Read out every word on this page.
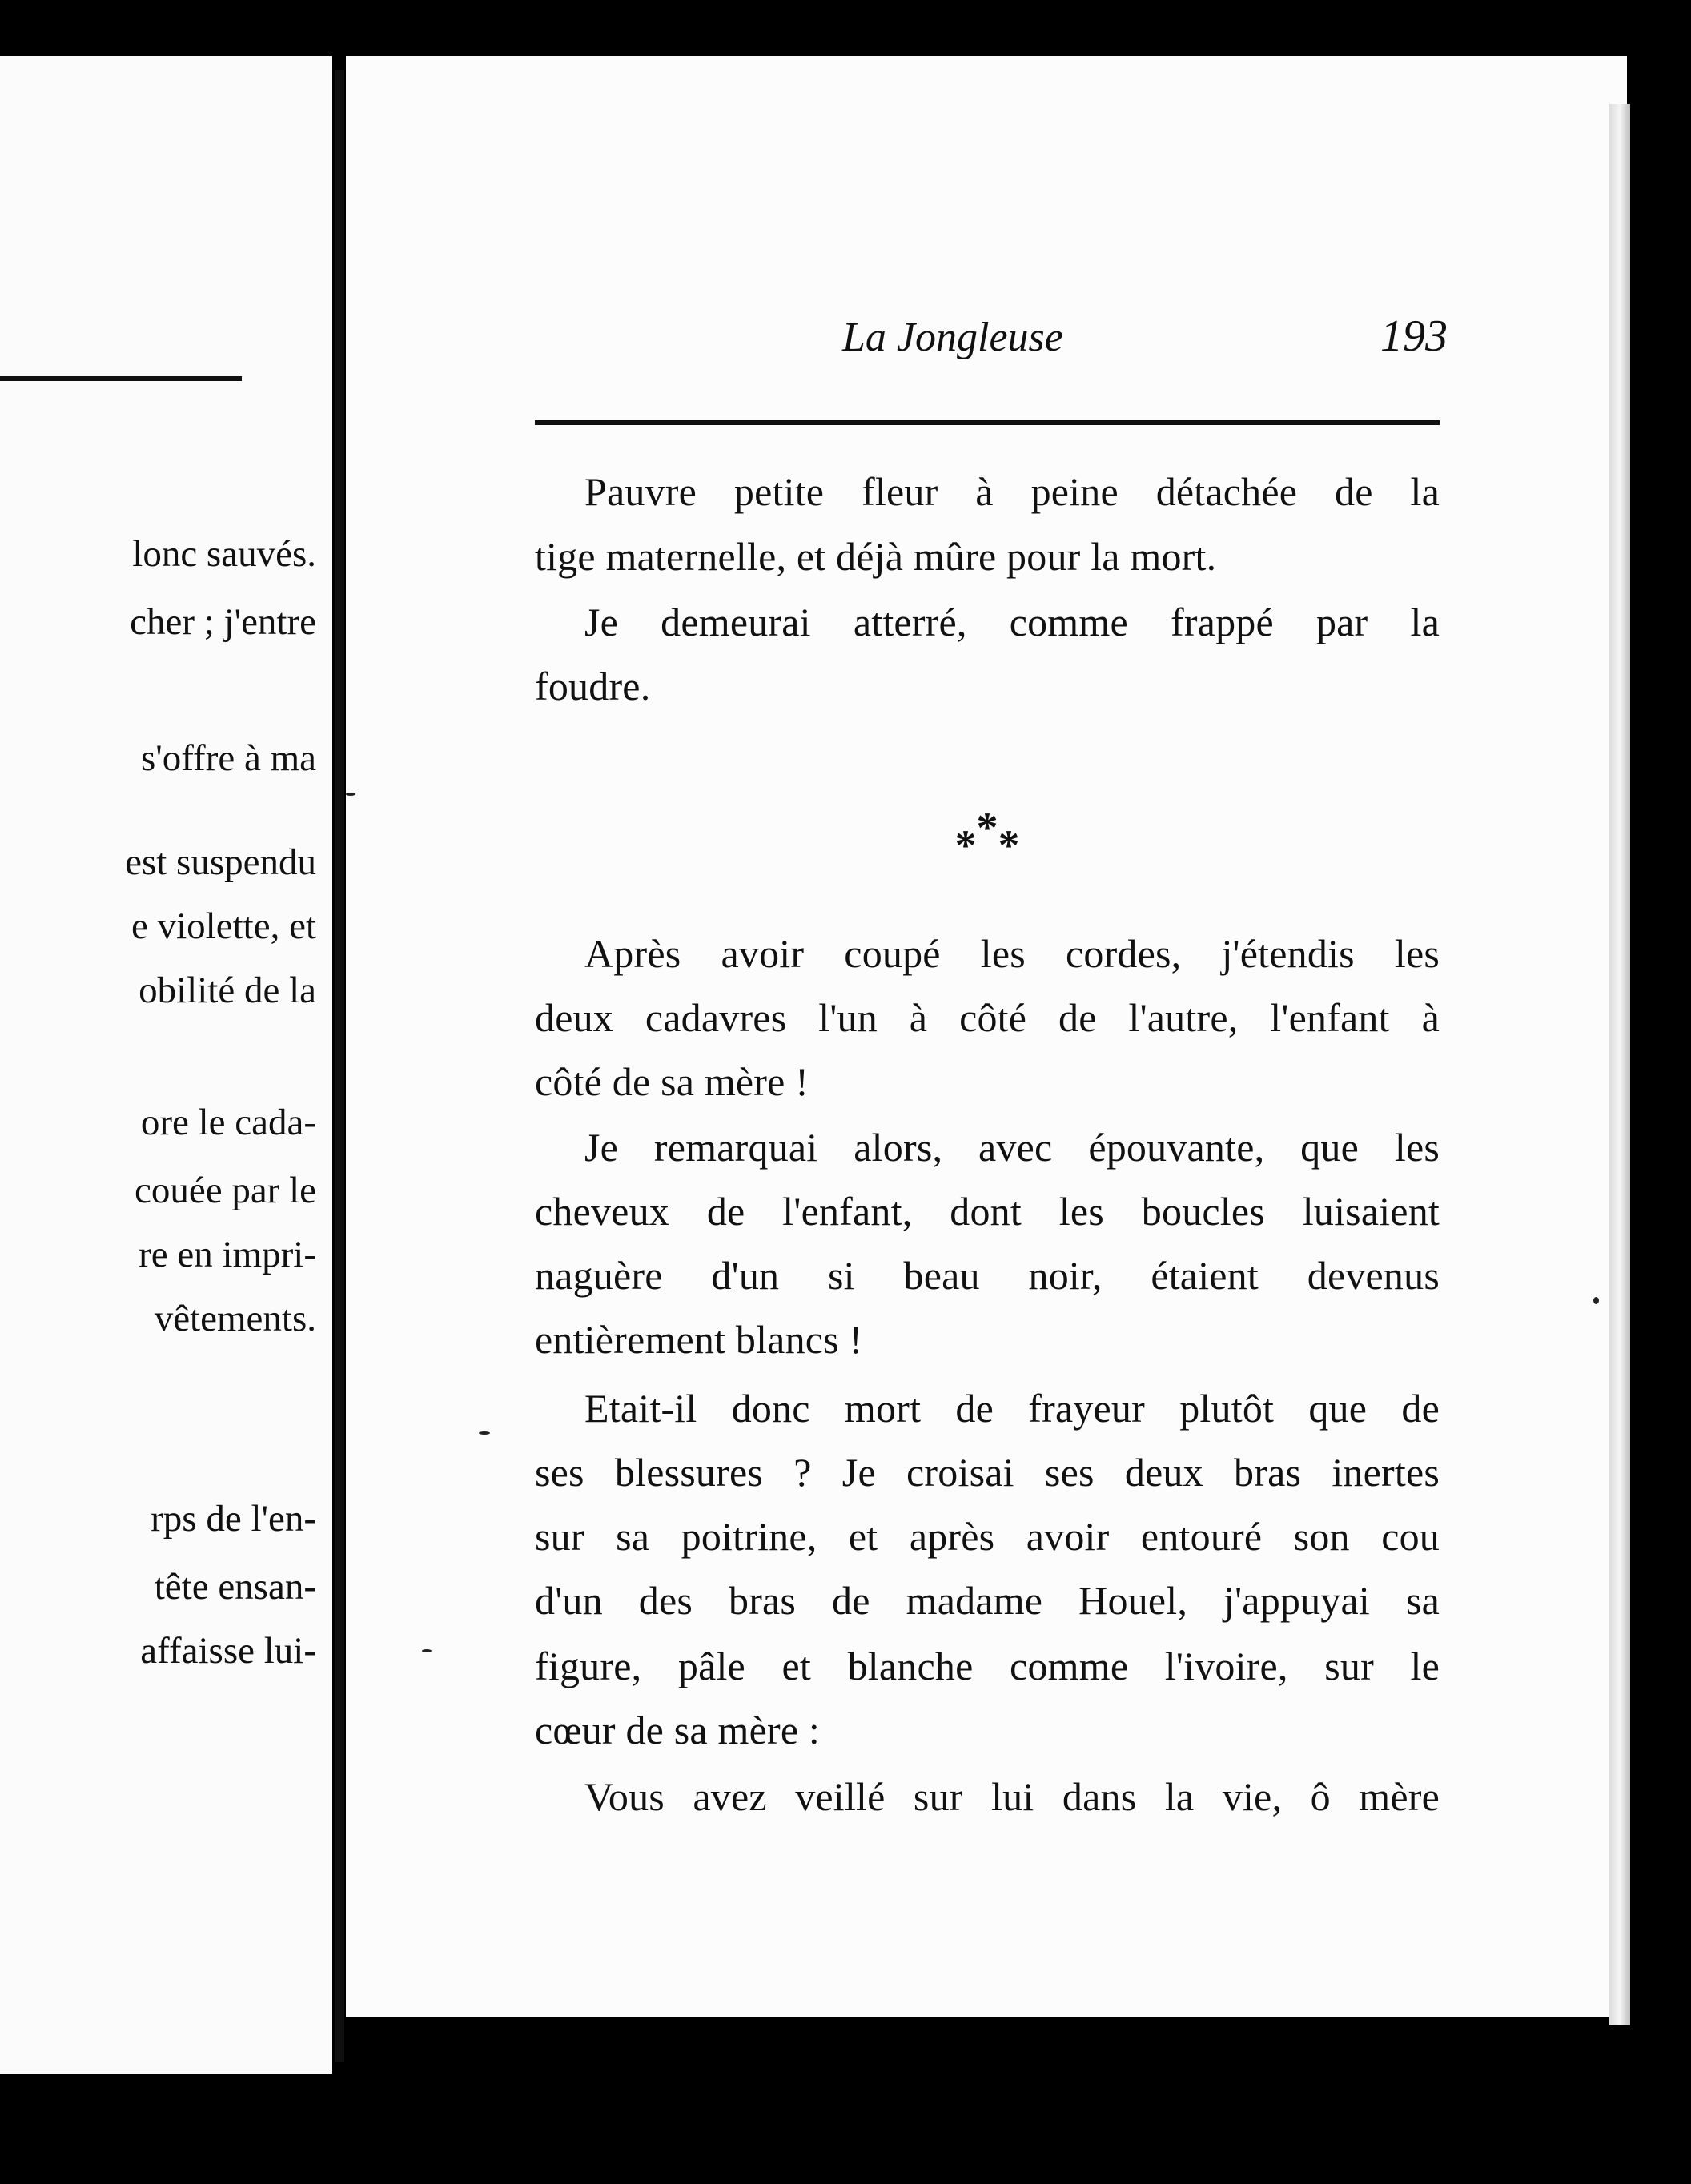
lonc sauvés.
cher ; j'entre
s'offre à ma
est suspendu
e violette, et
obilité de la
ore le cada-
couée par le
re en impri-
vêtements.
rps de l'en-
tête ensan-
affaisse lui-
La Jongleuse	193
Pauvre petite fleur à peine détachée de la
tige maternelle, et déjà mûre pour la mort.
Je demeurai atterré, comme frappé par la
foudre.
***
Après avoir coupé les cordes, j'étendis les
deux cadavres l'un à côté de l'autre, l'enfant à
côté de sa mère !
Je remarquai alors, avec épouvante, que les
cheveux de l'enfant, dont les boucles luisaient
naguère d'un si beau noir, étaient devenus
entièrement blancs !
Etait-il donc mort de frayeur plutôt que de
ses blessures ? Je croisai ses deux bras inertes
sur sa poitrine, et après avoir entouré son cou
d'un des bras de madame Houel, j'appuyai sa
figure, pâle et blanche comme l'ivoire, sur le
cœur de sa mère :
Vous avez veillé sur lui dans la vie, ô mère
